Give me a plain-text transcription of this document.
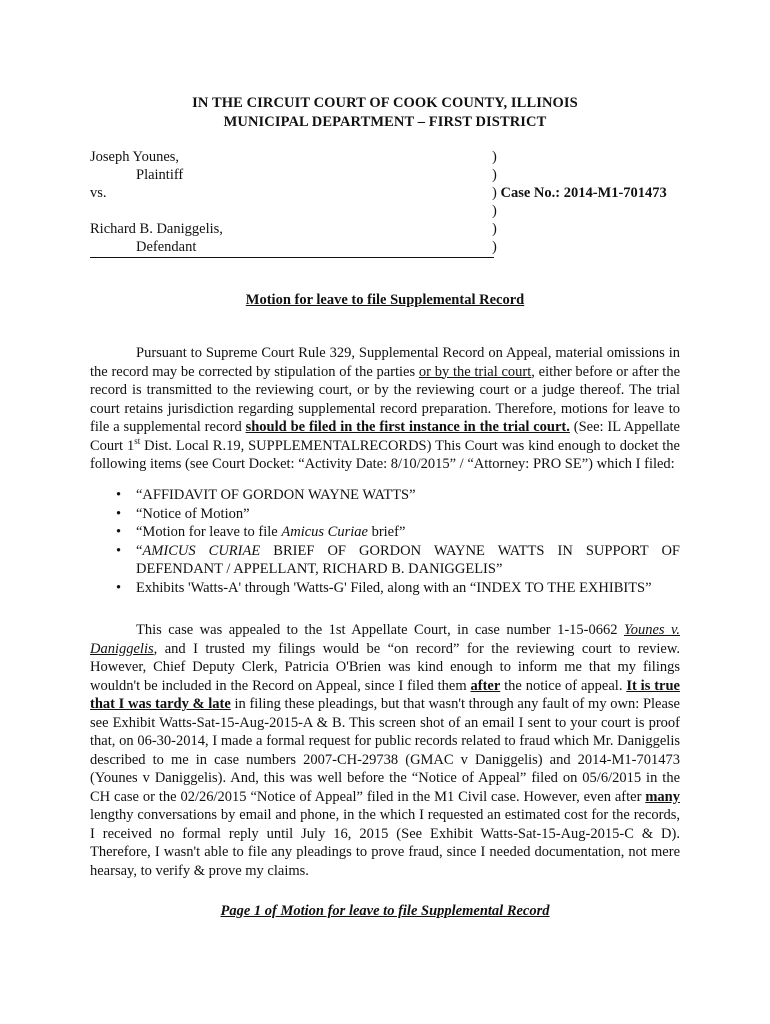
IN THE CIRCUIT COURT OF COOK COUNTY, ILLINOIS
MUNICIPAL DEPARTMENT – FIRST DISTRICT
Joseph Younes,
Plaintiff
vs.
Richard B. Daniggelis,
Defendant
)
)
) Case No.: 2014-M1-701473
)
)
)
Motion for leave to file Supplemental Record
Pursuant to Supreme Court Rule 329, Supplemental Record on Appeal, material omissions in the record may be corrected by stipulation of the parties or by the trial court, either before or after the record is transmitted to the reviewing court, or by the reviewing court or a judge thereof. The trial court retains jurisdiction regarding supplemental record preparation. Therefore, motions for leave to file a supplemental record should be filed in the first instance in the trial court. (See: IL Appellate Court 1st Dist. Local R.19, SUPPLEMENTALRECORDS) This Court was kind enough to docket the following items (see Court Docket: “Activity Date: 8/10/2015” / “Attorney: PRO SE”) which I filed:
• “AFFIDAVIT OF GORDON WAYNE WATTS”
• “Notice of Motion”
• “Motion for leave to file Amicus Curiae brief”
• “AMICUS CURIAE BRIEF OF GORDON WAYNE WATTS IN SUPPORT OF DEFENDANT / APPELLANT, RICHARD B. DANIGGELIS”
• Exhibits 'Watts-A' through 'Watts-G' Filed, along with an “INDEX TO THE EXHIBITS”
This case was appealed to the 1st Appellate Court, in case number 1-15-0662 Younes v. Daniggelis, and I trusted my filings would be “on record” for the reviewing court to review. However, Chief Deputy Clerk, Patricia O'Brien was kind enough to inform me that my filings wouldn't be included in the Record on Appeal, since I filed them after the notice of appeal. It is true that I was tardy & late in filing these pleadings, but that wasn't through any fault of my own: Please see Exhibit Watts-Sat-15-Aug-2015-A & B. This screen shot of an email I sent to your court is proof that, on 06-30-2014, I made a formal request for public records related to fraud which Mr. Daniggelis described to me in case numbers 2007-CH-29738 (GMAC v Daniggelis) and 2014-M1-701473 (Younes v Daniggelis). And, this was well before the “Notice of Appeal” filed on 05/6/2015 in the CH case or the 02/26/2015 “Notice of Appeal” filed in the M1 Civil case. However, even after many lengthy conversations by email and phone, in the which I requested an estimated cost for the records, I received no formal reply until July 16, 2015 (See Exhibit Watts-Sat-15-Aug-2015-C & D). Therefore, I wasn't able to file any pleadings to prove fraud, since I needed documentation, not mere hearsay, to verify & prove my claims.
Page 1 of Motion for leave to file Supplemental Record
